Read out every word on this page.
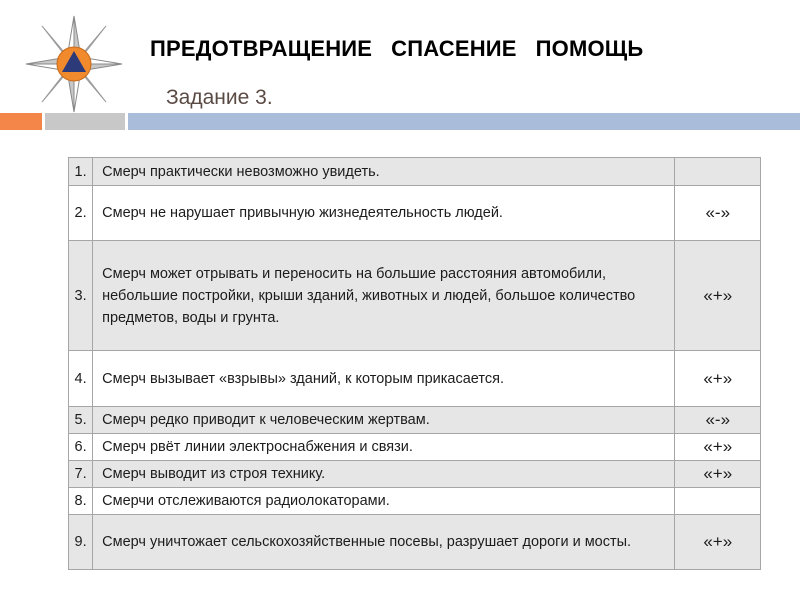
ПРЕДОТВРАЩЕНИЕ   СПАСЕНИЕ   ПОМОЩЬ
Задание 3.
1.	Смерч практически невозможно увидеть.	
2.	Смерч не нарушает привычную жизнедеятельность людей.	«-»
3.	Смерч может отрывать и переносить на большие расстояния автомобили, небольшие постройки, крыши зданий, животных и людей, большое количество предметов, воды и грунта.	«+»
4.	Смерч вызывает «взрывы» зданий, к которым прикасается.	«+»
5.	Смерч редко приводит к человеческим жертвам.	«-»
6.	Смерч рвёт линии электроснабжения и связи.	«+»
7.	Смерч выводит из строя технику.	«+»
8.	Смерчи отслеживаются радиолокаторами.	
9.	Смерч уничтожает сельскохозяйственные посевы, разрушает дороги и мосты.	«+»
